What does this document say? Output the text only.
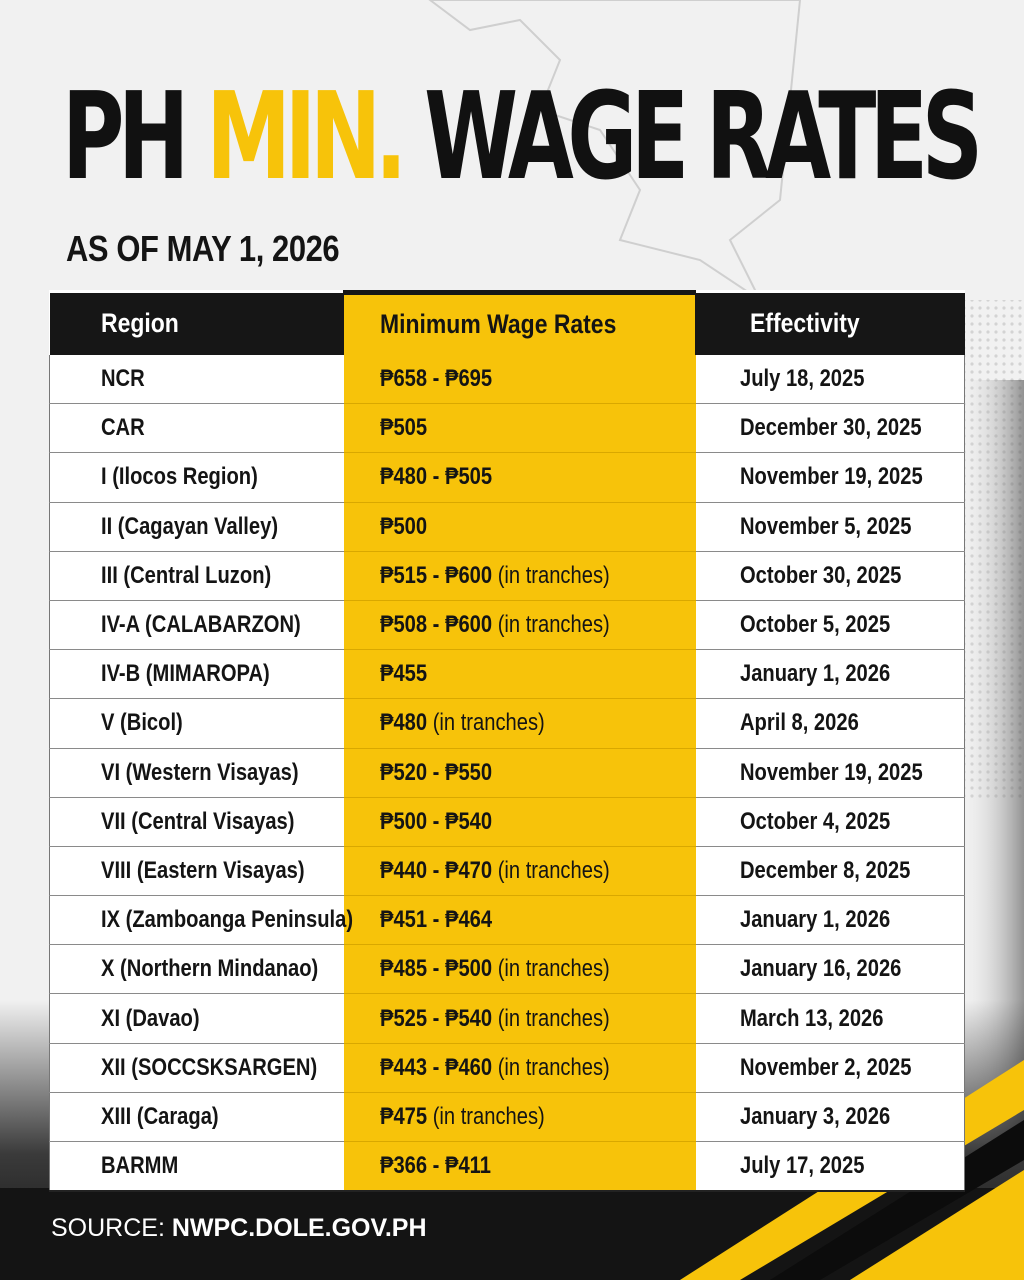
PH MIN. WAGE RATES
AS OF MAY 1, 2026
Region	Minimum Wage Rates	Effectivity
NCR	₱658 - ₱695	July 18, 2025
CAR	₱505	December 30, 2025
I (Ilocos Region)	₱480 - ₱505	November 19, 2025
II (Cagayan Valley)	₱500	November 5, 2025
III (Central Luzon)	₱515 - ₱600 (in tranches)	October 30, 2025
IV-A (CALABARZON)	₱508 - ₱600 (in tranches)	October 5, 2025
IV-B (MIMAROPA)	₱455	January 1, 2026
V (Bicol)	₱480 (in tranches)	April 8, 2026
VI (Western Visayas)	₱520 - ₱550	November 19, 2025
VII (Central Visayas)	₱500 - ₱540	October 4, 2025
VIII (Eastern Visayas)	₱440 - ₱470 (in tranches)	December 8, 2025
IX (Zamboanga Peninsula)	₱451 - ₱464	January 1, 2026
X (Northern Mindanao)	₱485 - ₱500 (in tranches)	January 16, 2026
XI (Davao)	₱525 - ₱540 (in tranches)	March 13, 2026
XII (SOCCSKSARGEN)	₱443 - ₱460 (in tranches)	November 2, 2025
XIII (Caraga)	₱475 (in tranches)	January 3, 2026
BARMM	₱366 - ₱411	July 17, 2025
SOURCE: NWPC.DOLE.GOV.PH
